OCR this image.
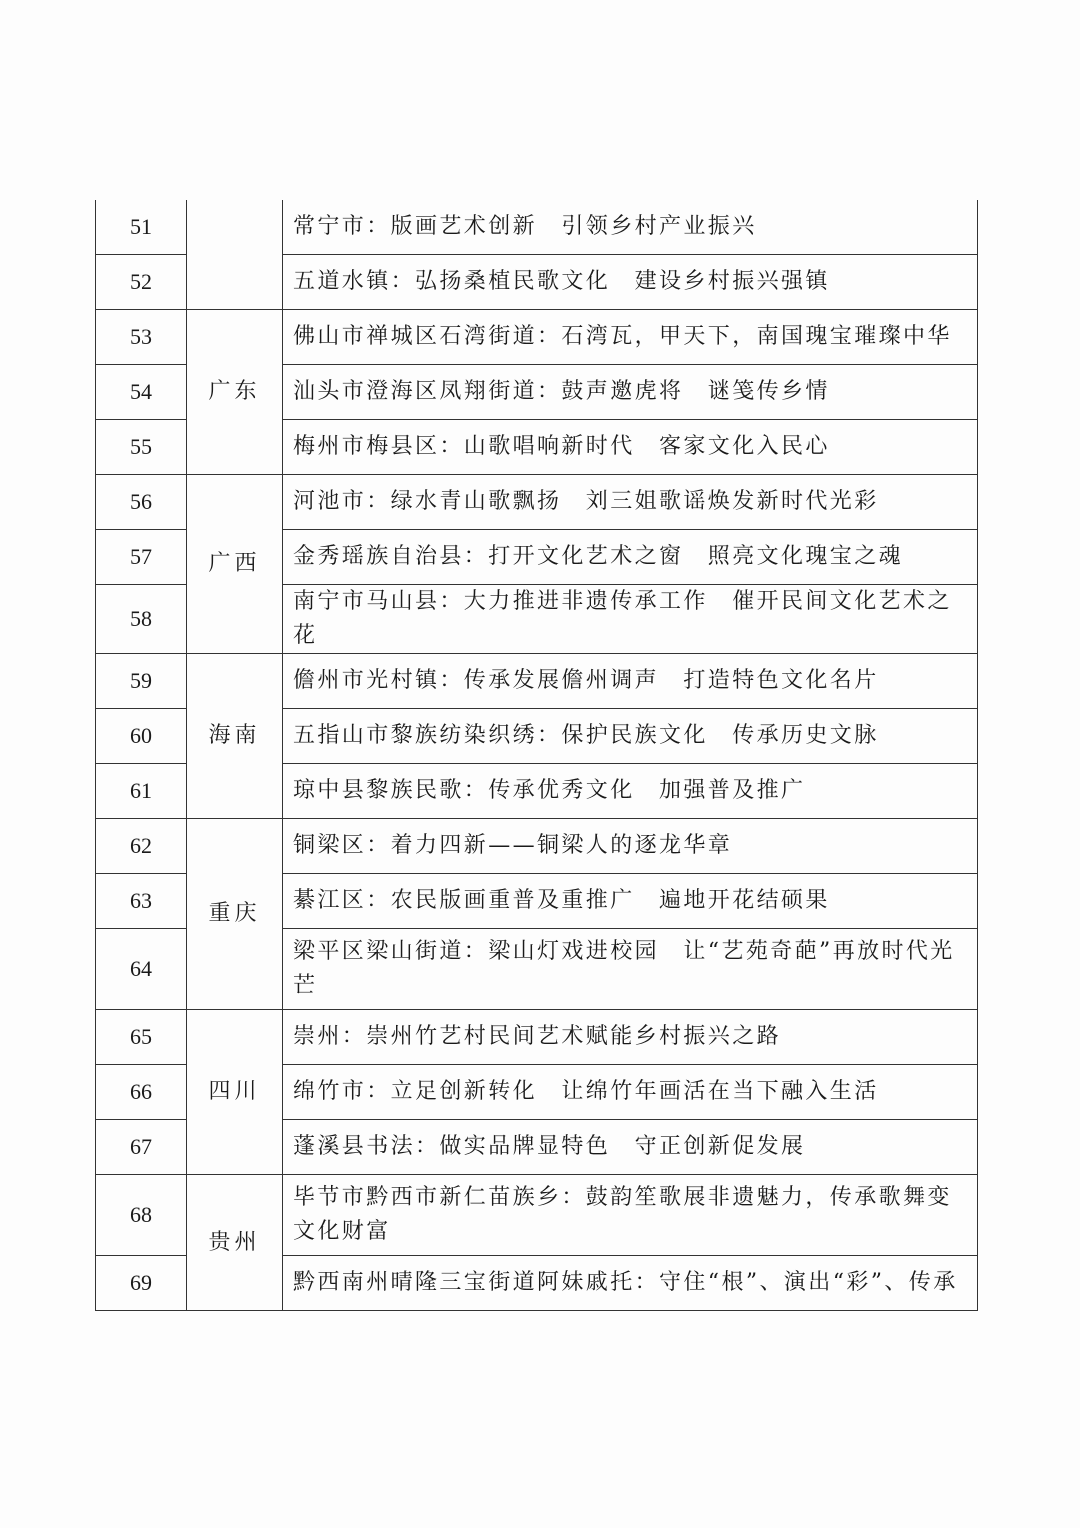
51		常宁市：版画艺术创新　引领乡村产业振兴
52		五道水镇：弘扬桑植民歌文化　建设乡村振兴强镇
53	广东	佛山市禅城区石湾街道：石湾瓦，甲天下，南国瑰宝璀璨中华
54		汕头市澄海区凤翔街道：鼓声邀虎将　谜笺传乡情
55		梅州市梅县区：山歌唱响新时代　客家文化入民心
56	广西	河池市：绿水青山歌飘扬　刘三姐歌谣焕发新时代光彩
57		金秀瑶族自治县：打开文化艺术之窗　照亮文化瑰宝之魂
58		南宁市马山县：大力推进非遗传承工作　催开民间文化艺术之花
59	海南	儋州市光村镇：传承发展儋州调声　打造特色文化名片
60		五指山市黎族纺染织绣：保护民族文化　传承历史文脉
61		琼中县黎族民歌：传承优秀文化　加强普及推广
62	重庆	铜梁区：着力四新——铜梁人的逐龙华章
63		綦江区：农民版画重普及重推广　遍地开花结硕果
64		梁平区梁山街道：梁山灯戏进校园　让“艺苑奇葩”再放时代光芒
65	四川	崇州：崇州竹艺村民间艺术赋能乡村振兴之路
66		绵竹市：立足创新转化　让绵竹年画活在当下融入生活
67		蓬溪县书法：做实品牌显特色　守正创新促发展
68	贵州	毕节市黔西市新仁苗族乡：鼓韵笙歌展非遗魅力，传承歌舞变文化财富
69		黔西南州晴隆三宝街道阿妹戚托：守住“根”、演出“彩”、传承
